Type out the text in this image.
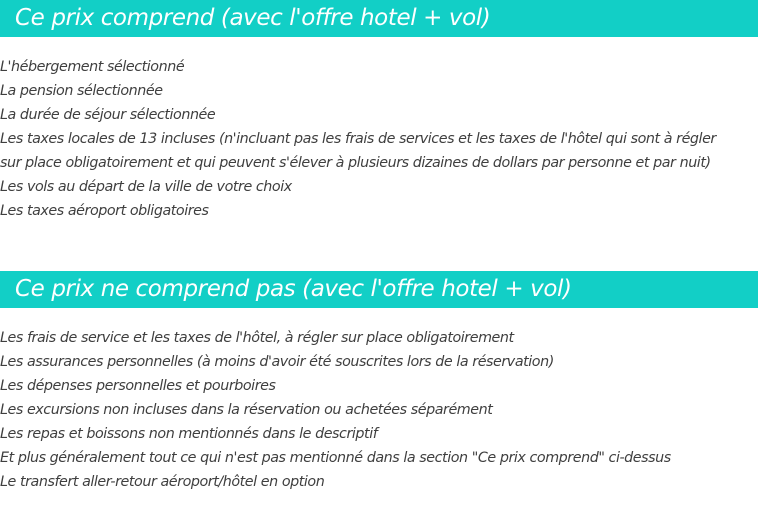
Ce prix comprend (avec l'offre hotel + vol)
L'hébergement sélectionné
La pension sélectionnée
La durée de séjour sélectionnée
Les taxes locales de 13 incluses (n'incluant pas les frais de services et les taxes de l'hôtel qui sont à régler sur place obligatoirement et qui peuvent s'élever à plusieurs dizaines de dollars par personne et par nuit)
Les vols au départ de la ville de votre choix
Les taxes aéroport obligatoires
Ce prix ne comprend pas (avec l'offre hotel + vol)
Les frais de service et les taxes de l'hôtel, à régler sur place obligatoirement
Les assurances personnelles (à moins d'avoir été souscrites lors de la réservation)
Les dépenses personnelles et pourboires
Les excursions non incluses dans la réservation ou achetées séparément
Les repas et boissons non mentionnés dans le descriptif
Et plus généralement tout ce qui n'est pas mentionné dans la section "Ce prix comprend" ci-dessus
Le transfert aller-retour aéroport/hôtel en option
